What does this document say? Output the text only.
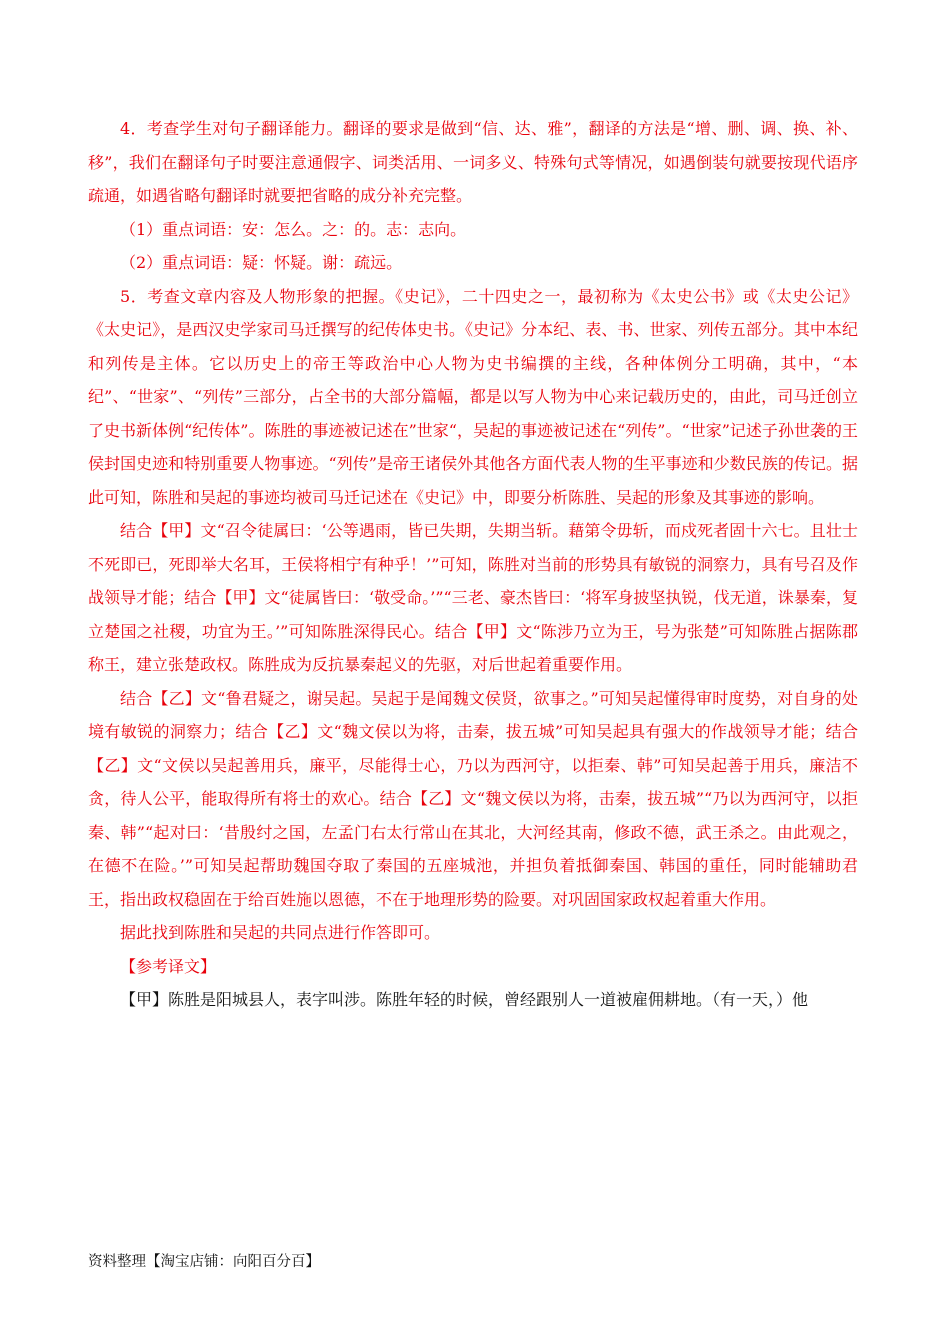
4．考查学生对句子翻译能力。翻译的要求是做到“信、达、雅”，翻译的方法是“增、删、调、换、补、移”，我们在翻译句子时要注意通假字、词类活用、一词多义、特殊句式等情况，如遇倒装句就要按现代语序疏通，如遇省略句翻译时就要把省略的成分补充完整。

（1）重点词语：安：怎么。之：的。志：志向。

（2）重点词语：疑：怀疑。谢：疏远。

5．考查文章内容及人物形象的把握。《史记》，二十四史之一，最初称为《太史公书》或《太史公记》《太史记》，是西汉史学家司马迁撰写的纪传体史书。《史记》分本纪、表、书、世家、列传五部分。其中本纪和列传是主体。它以历史上的帝王等政治中心人物为史书编撰的主线，各种体例分工明确，其中，“本纪”、“世家”、“列传”三部分，占全书的大部分篇幅，都是以写人物为中心来记载历史的，由此，司马迁创立了史书新体例“纪传体”。陈胜的事迹被记述在”世家“，吴起的事迹被记述在“列传”。“世家”记述子孙世袭的王侯封国史迹和特别重要人物事迹。“列传”是帝王诸侯外其他各方面代表人物的生平事迹和少数民族的传记。据此可知，陈胜和吴起的事迹均被司马迁记述在《史记》中，即要分析陈胜、吴起的形象及其事迹的影响。

结合【甲】文“召令徒属曰：‘公等遇雨，皆已失期，失期当斩。藉第令毋斩，而戍死者固十六七。且壮士不死即已，死即举大名耳，王侯将相宁有种乎！’”可知，陈胜对当前的形势具有敏锐的洞察力，具有号召及作战领导才能；结合【甲】文“徒属皆曰：‘敬受命。’”“三老、豪杰皆曰：‘将军身披坚执锐，伐无道，诛暴秦，复立楚国之社稷，功宜为王。’”可知陈胜深得民心。结合【甲】文“陈涉乃立为王，号为张楚”可知陈胜占据陈郡称王，建立张楚政权。陈胜成为反抗暴秦起义的先驱，对后世起着重要作用。

结合【乙】文“鲁君疑之，谢吴起。吴起于是闻魏文侯贤，欲事之。”可知吴起懂得审时度势，对自身的处境有敏锐的洞察力；结合【乙】文“魏文侯以为将，击秦，拔五城”可知吴起具有强大的作战领导才能；结合【乙】文“文侯以吴起善用兵，廉平，尽能得士心，乃以为西河守，以拒秦、韩”可知吴起善于用兵，廉洁不贪，待人公平，能取得所有将士的欢心。结合【乙】文“魏文侯以为将，击秦，拔五城”“乃以为西河守，以拒秦、韩”“起对曰：‘昔殷纣之国，左孟门右太行常山在其北，大河经其南，修政不德，武王杀之。由此观之，在德不在险。’”可知吴起帮助魏国夺取了秦国的五座城池，并担负着抵御秦国、韩国的重任，同时能辅助君王，指出政权稳固在于给百姓施以恩德，不在于地理形势的险要。对巩固国家政权起着重大作用。

据此找到陈胜和吴起的共同点进行作答即可。

【参考译文】

【甲】陈胜是阳城县人，表字叫涉。陈胜年轻的时候，曾经跟别人一道被雇佣耕地。（有一天，）他

资料整理【淘宝店铺：向阳百分百】
